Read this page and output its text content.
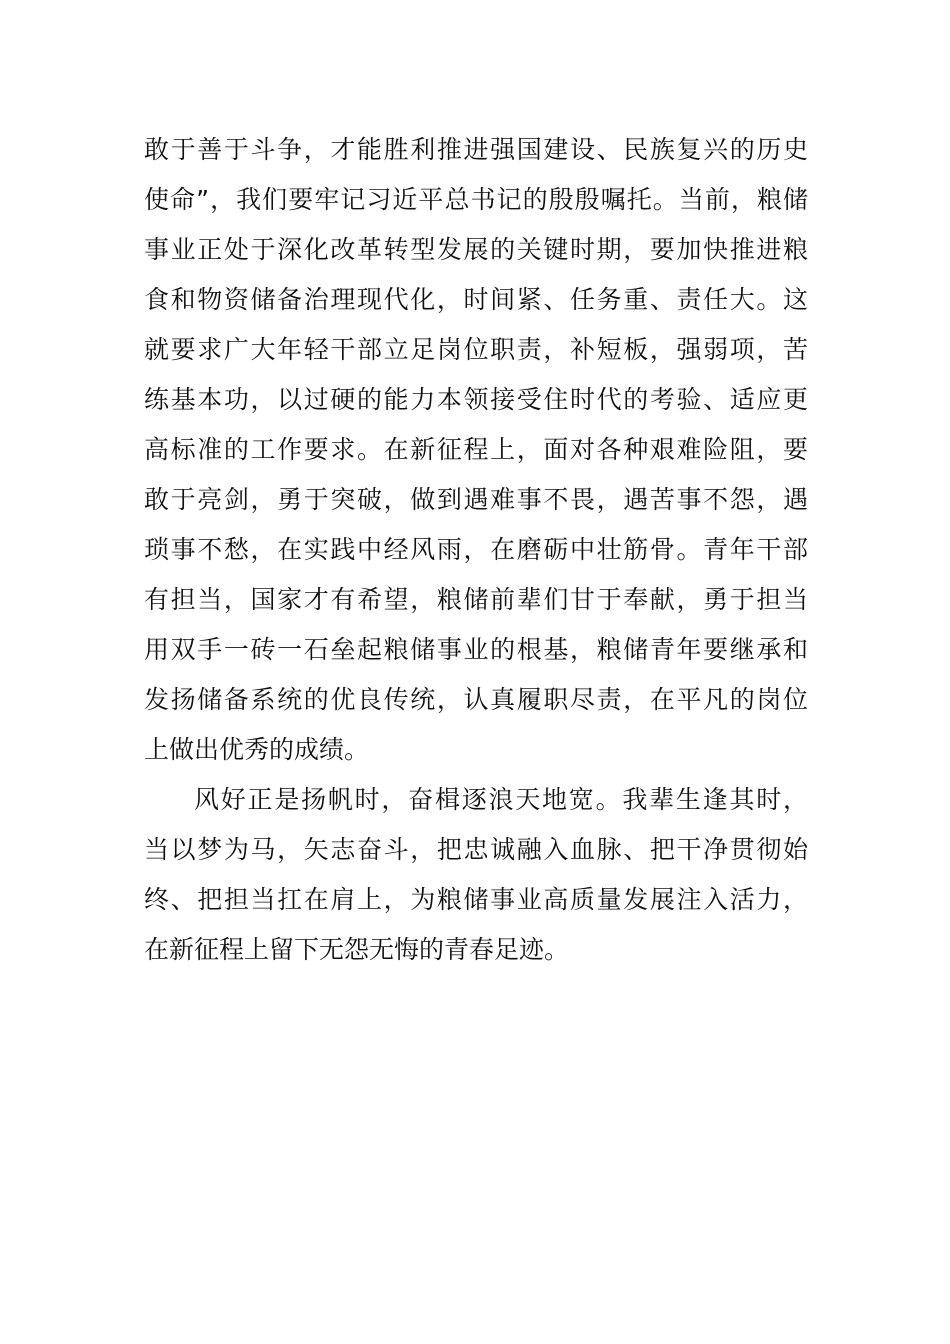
敢于善于斗争，才能胜利推进强国建设、民族复兴的历史
使命”，我们要牢记习近平总书记的殷殷嘱托。当前，粮储
事业正处于深化改革转型发展的关键时期，要加快推进粮
食和物资储备治理现代化，时间紧、任务重、责任大。这
就要求广大年轻干部立足岗位职责，补短板，强弱项，苦
练基本功，以过硬的能力本领接受住时代的考验、适应更
高标准的工作要求。在新征程上，面对各种艰难险阻，要
敢于亮剑，勇于突破，做到遇难事不畏，遇苦事不怨，遇
琐事不愁，在实践中经风雨，在磨砺中壮筋骨。青年干部
有担当，国家才有希望，粮储前辈们甘于奉献，勇于担当
用双手一砖一石垒起粮储事业的根基，粮储青年要继承和
发扬储备系统的优良传统，认真履职尽责，在平凡的岗位
上做出优秀的成绩。
风好正是扬帆时，奋楫逐浪天地宽。我辈生逢其时，
当以梦为马，矢志奋斗，把忠诚融入血脉、把干净贯彻始
终、把担当扛在肩上，为粮储事业高质量发展注入活力，
在新征程上留下无怨无悔的青春足迹。
